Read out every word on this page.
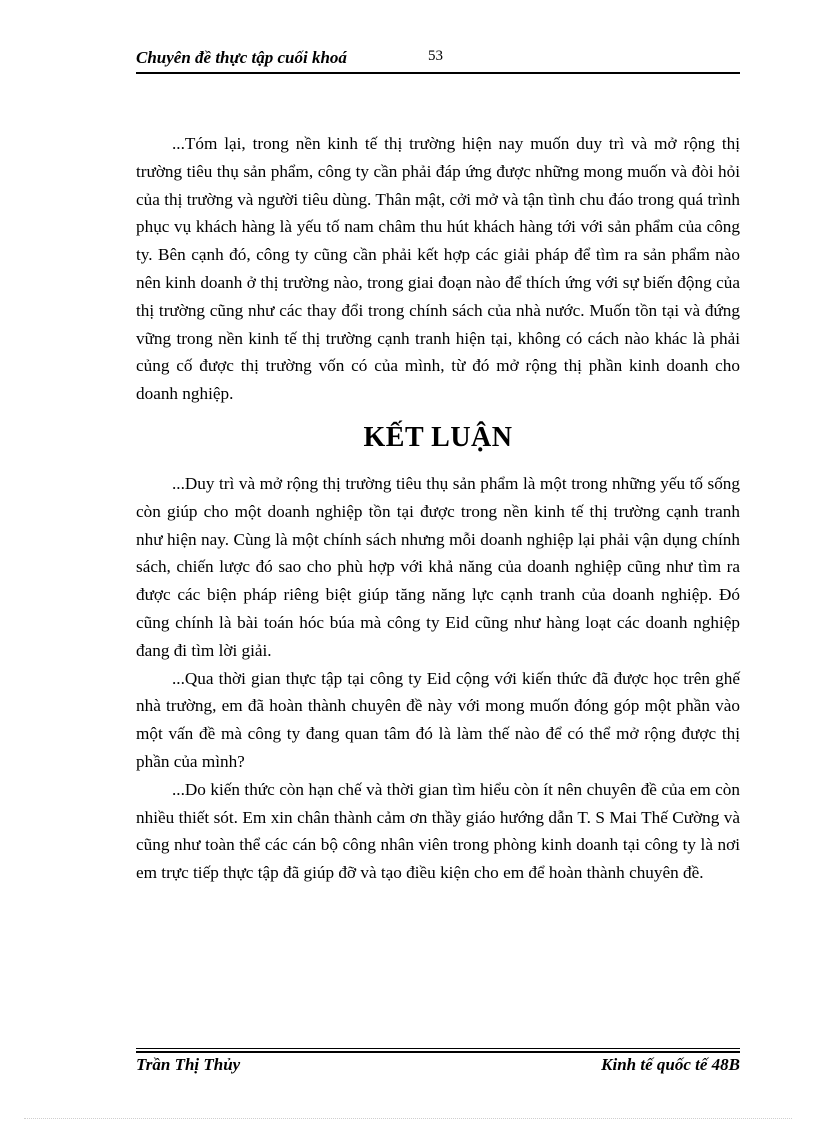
Chuyên đề thực tập cuối khoá	53

...Tóm lại, trong nền kinh tế thị trường hiện nay muốn duy trì và mở rộng thị trường tiêu thụ sản phẩm, công ty cần phải đáp ứng được những mong muốn và đòi hỏi của thị trường và người tiêu dùng. Thân mật, cởi mở và tận tình chu đáo trong quá trình phục vụ khách hàng là yếu tố nam châm thu hút khách hàng tới với sản phẩm của công ty. Bên cạnh đó, công ty cũng cần phải kết hợp các giải pháp để tìm ra sản phẩm nào nên kinh doanh ở thị trường nào, trong giai đoạn nào để thích ứng với sự biến động của thị trường cũng như các thay đổi trong chính sách của nhà nước. Muốn tồn tại và đứng vững trong nền kinh tế thị trường cạnh tranh hiện tại, không có cách nào khác là phải củng cố được thị trường vốn có của mình, từ đó mở rộng thị phần kinh doanh cho doanh nghiệp.

KẾT LUẬN

...Duy trì và mở rộng thị trường tiêu thụ sản phẩm là một trong những yếu tố sống còn giúp cho một doanh nghiệp tồn tại được trong nền kinh tế thị trường cạnh tranh như hiện nay. Cùng là một chính sách nhưng mỗi doanh nghiệp lại phải vận dụng chính sách, chiến lược đó sao cho phù hợp với khả năng của doanh nghiệp cũng như tìm ra được các biện pháp riêng biệt giúp tăng năng lực cạnh tranh của doanh nghiệp. Đó cũng chính là bài toán hóc búa mà công ty Eid cũng như hàng loạt các doanh nghiệp đang đi tìm lời giải.

...Qua thời gian thực tập tại công ty Eid cộng với kiến thức đã được học trên ghế nhà trường, em đã hoàn thành chuyên đề này với mong muốn đóng góp một phần vào một vấn đề mà công ty đang quan tâm đó là làm thế nào để có thể mở rộng được thị phần của mình?

...Do kiến thức còn hạn chế và thời gian tìm hiểu còn ít nên chuyên đề của em còn nhiều thiết sót. Em xin chân thành cảm ơn thầy giáo hướng dẫn T. S Mai Thế Cường và cũng như toàn thể các cán bộ công nhân viên trong phòng kinh doanh tại công ty là nơi em trực tiếp thực tập đã giúp đỡ và tạo điều kiện cho em để hoàn thành chuyên đề.

Trần Thị Thủy	Kinh tế quốc tế 48B
